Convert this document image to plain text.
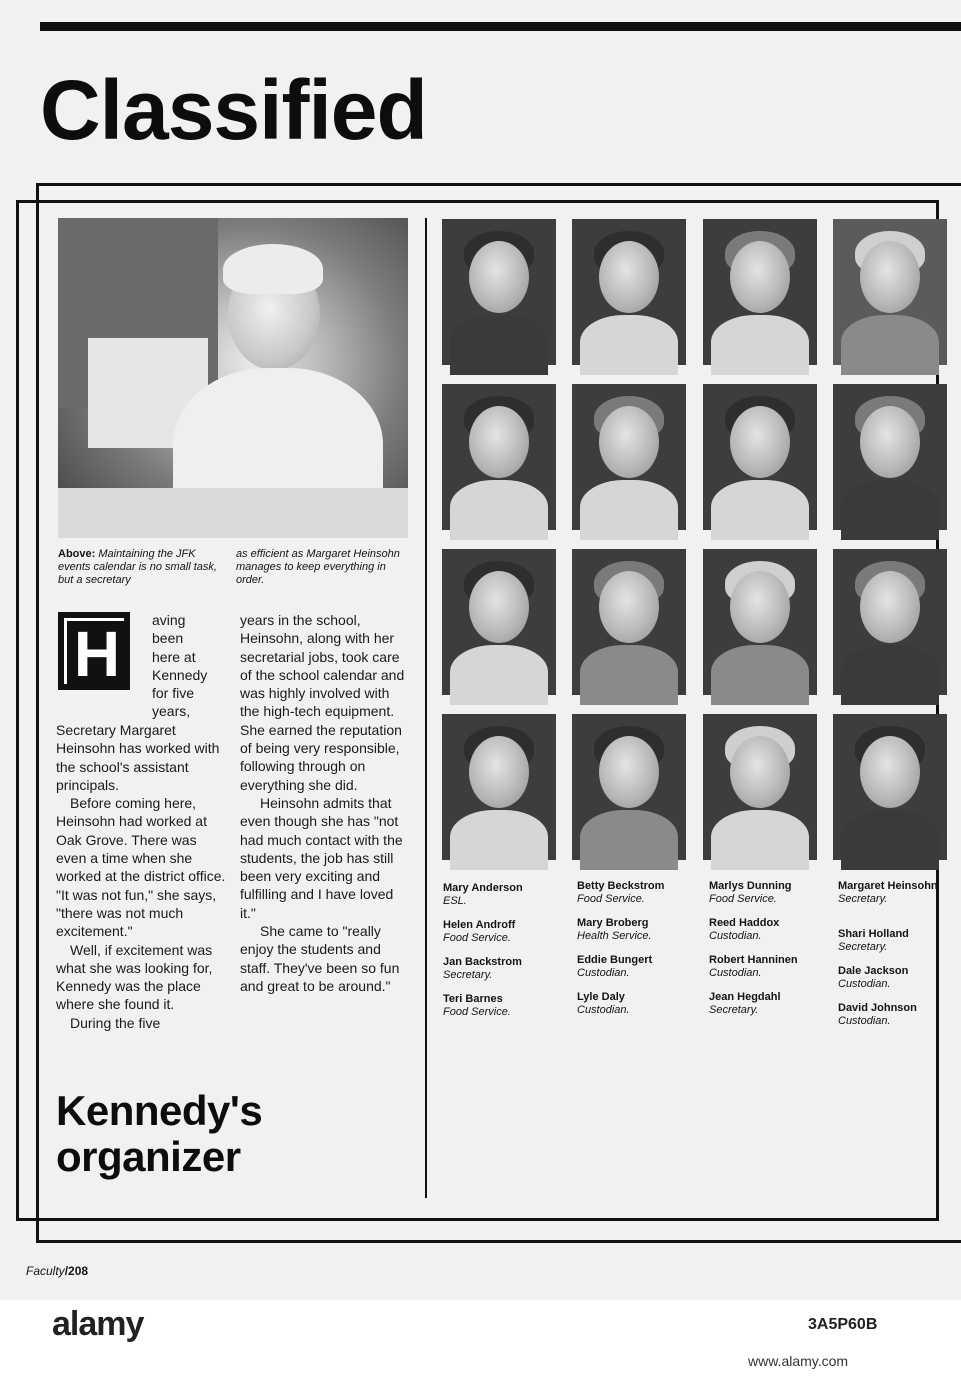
Classified
Above: Maintaining the JFK events calendar is no small task, but a secretary
as efficient as Margaret Heinsohn manages to keep everything in order.
H	aving
been
here at
Kennedy
for five
years,

Secretary Margaret Heinsohn has worked with the school's assistant principals.

Before coming here, Heinsohn had worked at Oak Grove. There was even a time when she worked at the district office. "It was not fun," she says, "there was not much excitement."

Well, if excitement was what she was looking for, Kennedy was the place where she found it.

During the five

years in the school, Heinsohn, along with her secretarial jobs, took care of the school calendar and was highly involved with the high-tech equipment. She earned the reputation of being very responsible, following through on everything she did.

Heinsohn admits that even though she has "not had much contact with the students, the job has still been very exciting and fulfilling and I have loved it."

She came to "really enjoy the students and staff. They've been so fun and great to be around."

Kennedy's
organizer
Mary Anderson
ESL.
Helen Androff
Food Service.
Jan Backstrom
Secretary.
Teri Barnes
Food Service.
Betty Beckstrom
Food Service.
Mary Broberg
Health Service.
Eddie Bungert
Custodian.
Lyle Daly
Custodian.
Marlys Dunning
Food Service.
Reed Haddox
Custodian.
Robert Hanninen
Custodian.
Jean Hegdahl
Secretary.
Margaret Heinsohn
Secretary.
Shari Holland
Secretary.
Dale Jackson
Custodian.
David Johnson
Custodian.
Faculty/208
alamy	3A5P60B
www.alamy.com
